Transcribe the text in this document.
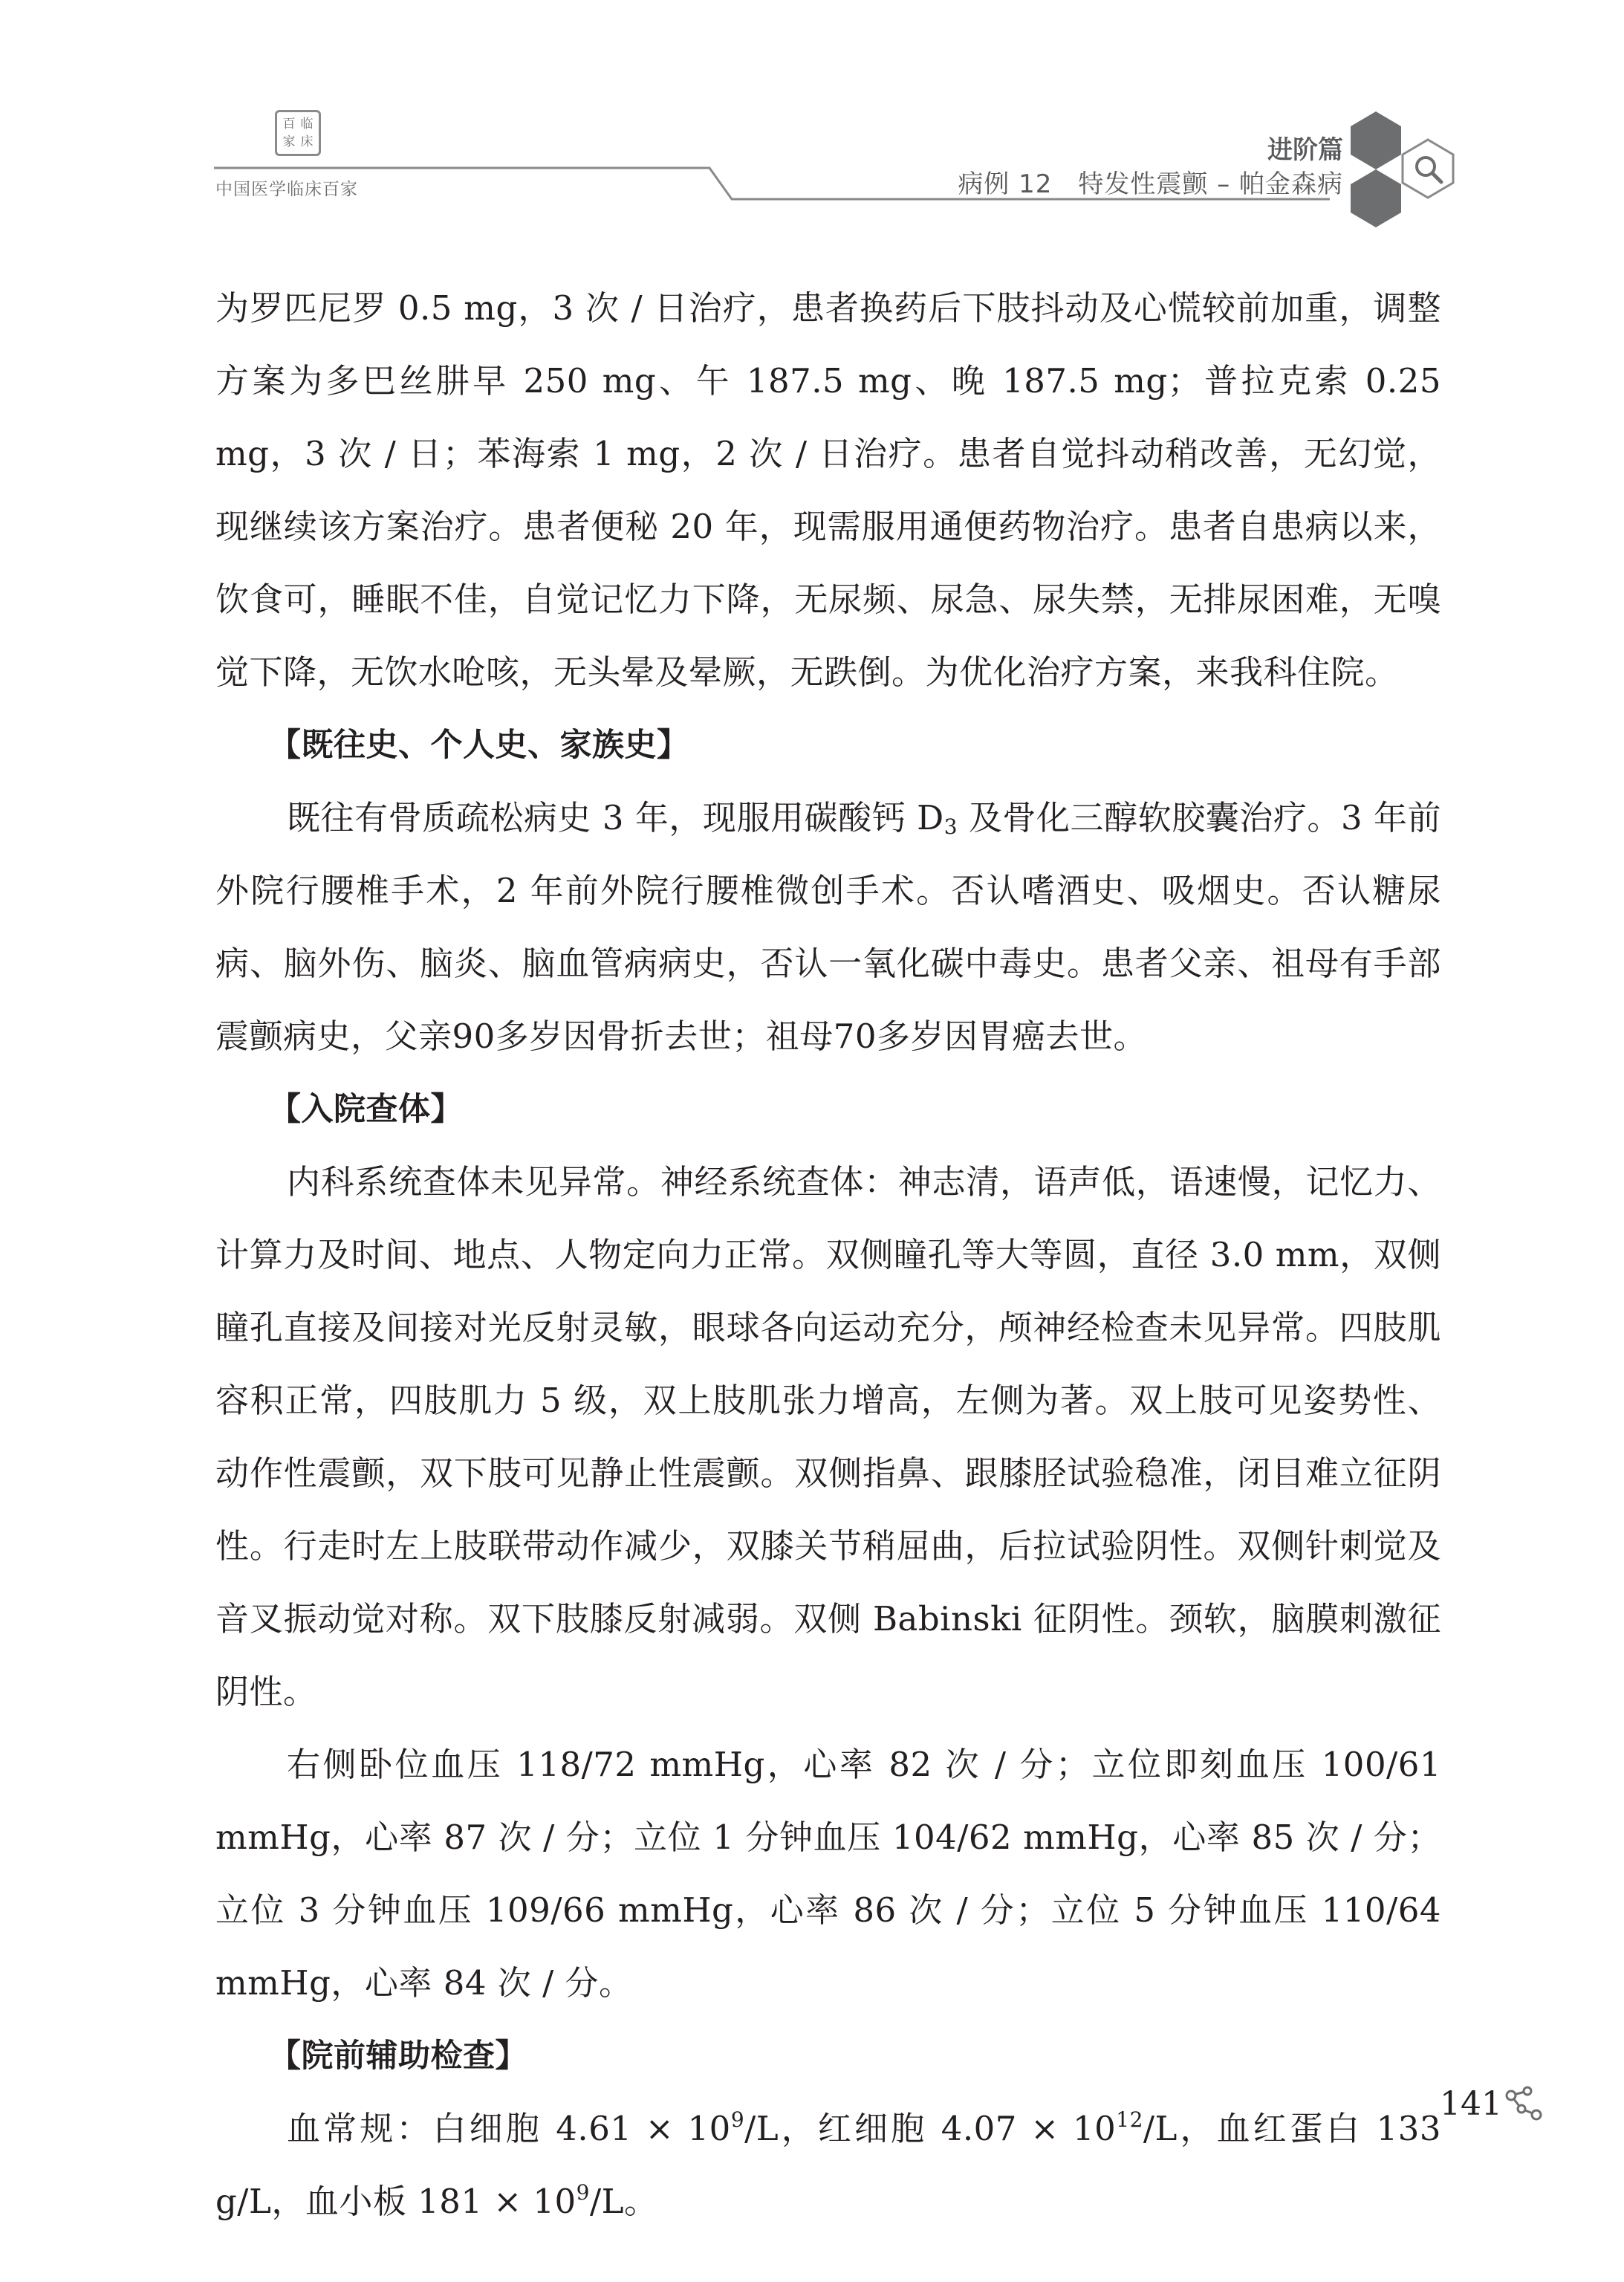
百 临
家 床
中国医学临床百家
进阶篇
病例 12　特发性震颤 – 帕金森病

为罗匹尼罗 0.5 mg，3 次 / 日治疗，患者换药后下肢抖动及心慌较前加重，调整方案为多巴丝肼早 250 mg、午 187.5 mg、晚 187.5 mg；普拉克索 0.25 mg，3 次 / 日；苯海索 1 mg，2 次 / 日治疗。患者自觉抖动稍改善，无幻觉，现继续该方案治疗。患者便秘 20 年，现需服用通便药物治疗。患者自患病以来，饮食可，睡眠不佳，自觉记忆力下降，无尿频、尿急、尿失禁，无排尿困难，无嗅觉下降，无饮水呛咳，无头晕及晕厥，无跌倒。为优化治疗方案，来我科住院。

【既往史、个人史、家族史】

既往有骨质疏松病史 3 年，现服用碳酸钙 $D_3$ 及骨化三醇软胶囊治疗。3 年前外院行腰椎手术，2 年前外院行腰椎微创手术。否认嗜酒史、吸烟史。否认糖尿病、脑外伤、脑炎、脑血管病病史，否认一氧化碳中毒史。患者父亲、祖母有手部震颤病史，父亲90多岁因骨折去世；祖母70多岁因胃癌去世。

【入院查体】

内科系统查体未见异常。神经系统查体：神志清，语声低，语速慢，记忆力、计算力及时间、地点、人物定向力正常。双侧瞳孔等大等圆，直径 3.0 mm，双侧瞳孔直接及间接对光反射灵敏，眼球各向运动充分，颅神经检查未见异常。四肢肌容积正常，四肢肌力 5 级，双上肢肌张力增高，左侧为著。双上肢可见姿势性、动作性震颤，双下肢可见静止性震颤。双侧指鼻、跟膝胫试验稳准，闭目难立征阴性。行走时左上肢联带动作减少，双膝关节稍屈曲，后拉试验阴性。双侧针刺觉及音叉振动觉对称。双下肢膝反射减弱。双侧 Babinski 征阴性。颈软，脑膜刺激征阴性。

右侧卧位血压 118/72 mmHg，心率 82 次 / 分；立位即刻血压 100/61 mmHg，心率 87 次 / 分；立位 1 分钟血压 104/62 mmHg，心率 85 次 / 分；立位 3 分钟血压 109/66 mmHg，心率 86 次 / 分；立位 5 分钟血压 110/64 mmHg，心率 84 次 / 分。

【院前辅助检查】

血常规：白细胞 $4.61 \times 10^9/L$，红细胞 $4.07 \times 10^{12}/L$，血红蛋白 133 g/L，血小板 $181 \times 10^9/L$。

141
